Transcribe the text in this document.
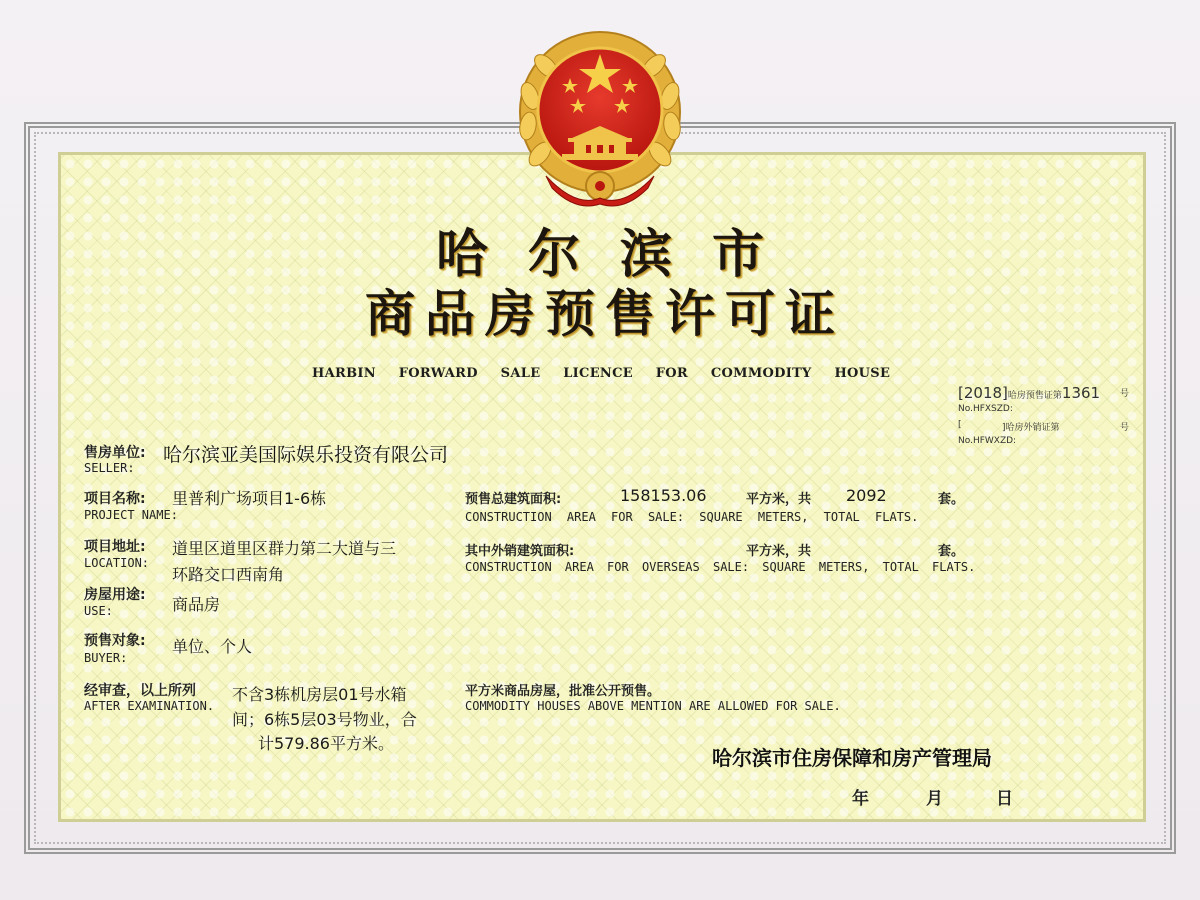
哈尔滨市
商品房预售许可证
HARBIN FORWARD SALE LICENCE FOR COMMODITY HOUSE
[2018]哈房预售证第1361 号
No.HFXSZD:
[	]哈房外销证第	号
No.HFWXZD:
售房单位:
SELLER:
哈尔滨亚美国际娱乐投资有限公司
项目名称:
PROJECT NAME:
里普利广场项目1-6栋
项目地址:
LOCATION:
道里区道里区群力第二大道与三
环路交口西南角
房屋用途:
USE:	商品房
预售对象:
BUYER:
单位、个人
经审查，以上所列
AFTER EXAMINATION.
不含3栋机房层01号水箱
间；6栋5层03号物业，合
计579.86平方米。
预售总建筑面积:	158153.06	平方米，共 2092	套。
CONSTRUCTION AREA FOR SALE: SQUARE METERS, TOTAL FLATS.
其中外销建筑面积:	平方米，共	套。
CONSTRUCTION AREA FOR OVERSEAS SALE: SQUARE METERS, TOTAL FLATS.
平方米商品房屋，批准公开预售。
COMMODITY HOUSES ABOVE MENTION ARE ALLOWED FOR SALE.
哈尔滨市住房保障和房产管理局
年	月	日
